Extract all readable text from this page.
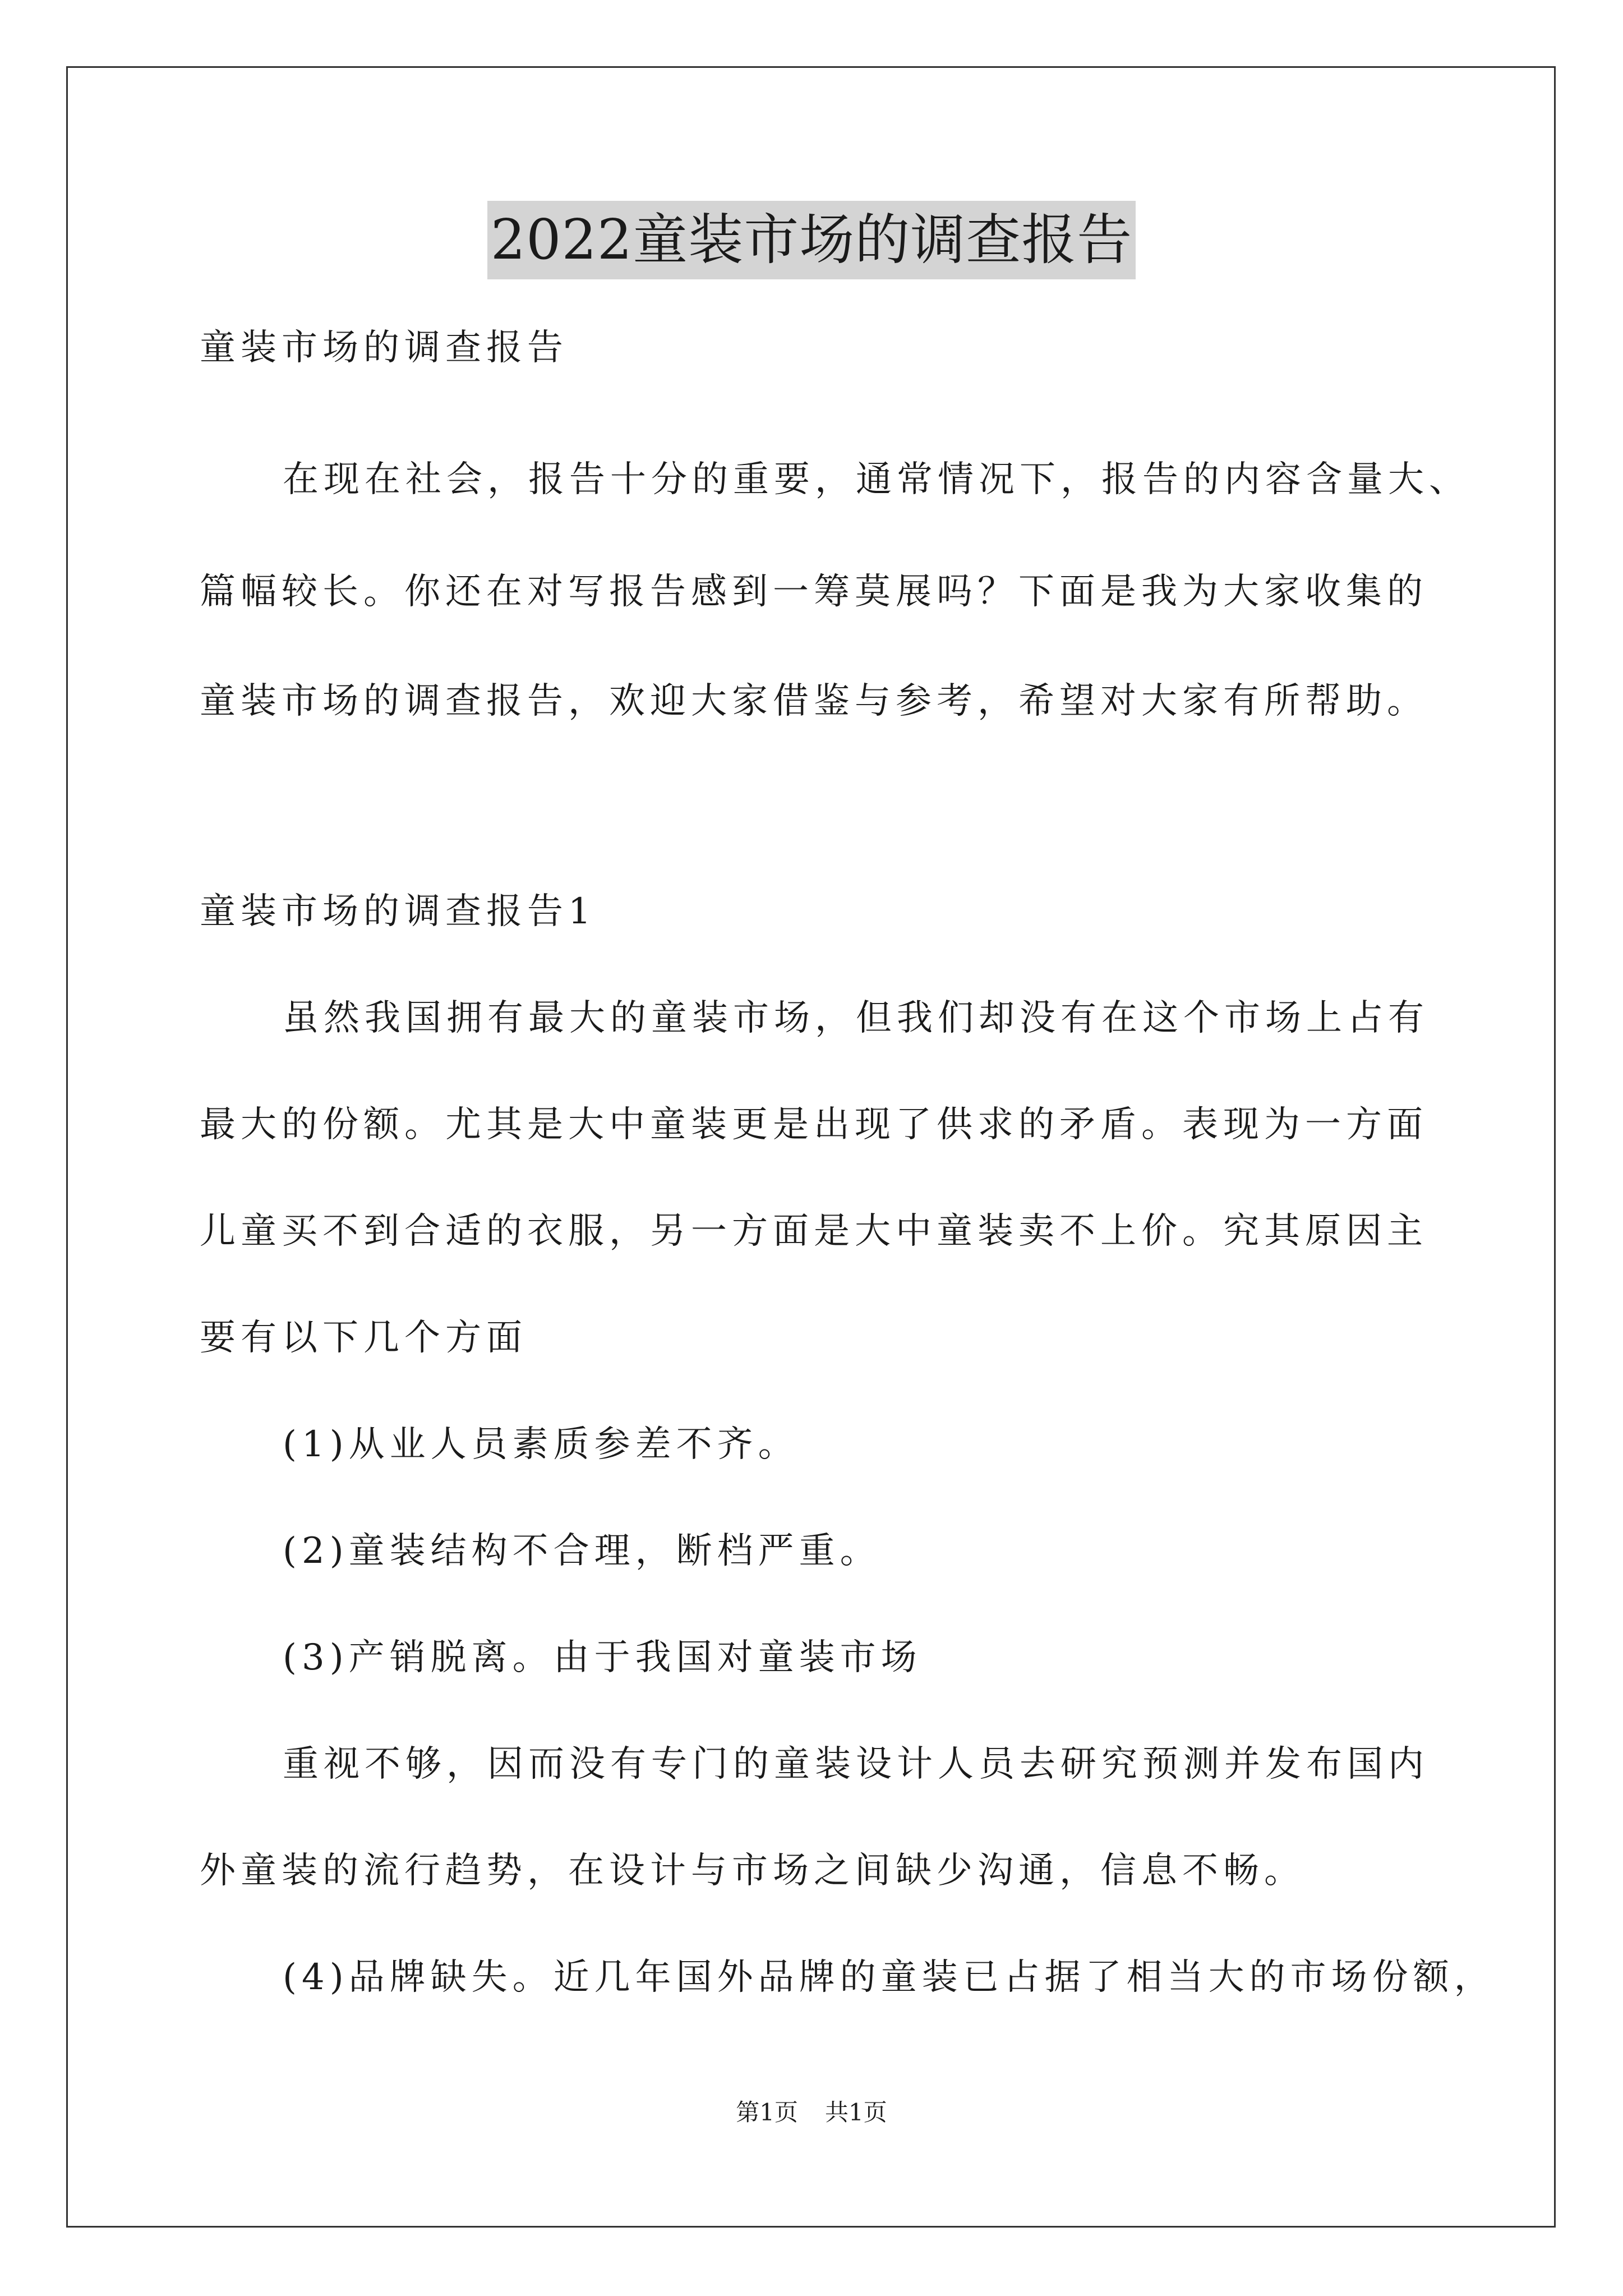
2022童装市场的调查报告
童装市场的调查报告
在现在社会，报告十分的重要，通常情况下，报告的内容含量大、
篇幅较长。你还在对写报告感到一筹莫展吗？下面是我为大家收集的
童装市场的调查报告，欢迎大家借鉴与参考，希望对大家有所帮助。
童装市场的调查报告1
虽然我国拥有最大的童装市场，但我们却没有在这个市场上占有
最大的份额。尤其是大中童装更是出现了供求的矛盾。表现为一方面
儿童买不到合适的衣服，另一方面是大中童装卖不上价。究其原因主
要有以下几个方面
(1)从业人员素质参差不齐。
(2)童装结构不合理，断档严重。
(3)产销脱离。由于我国对童装市场
重视不够，因而没有专门的童装设计人员去研究预测并发布国内
外童装的流行趋势，在设计与市场之间缺少沟通，信息不畅。
(4)品牌缺失。近几年国外品牌的童装已占据了相当大的市场份额，
第1页 共1页
